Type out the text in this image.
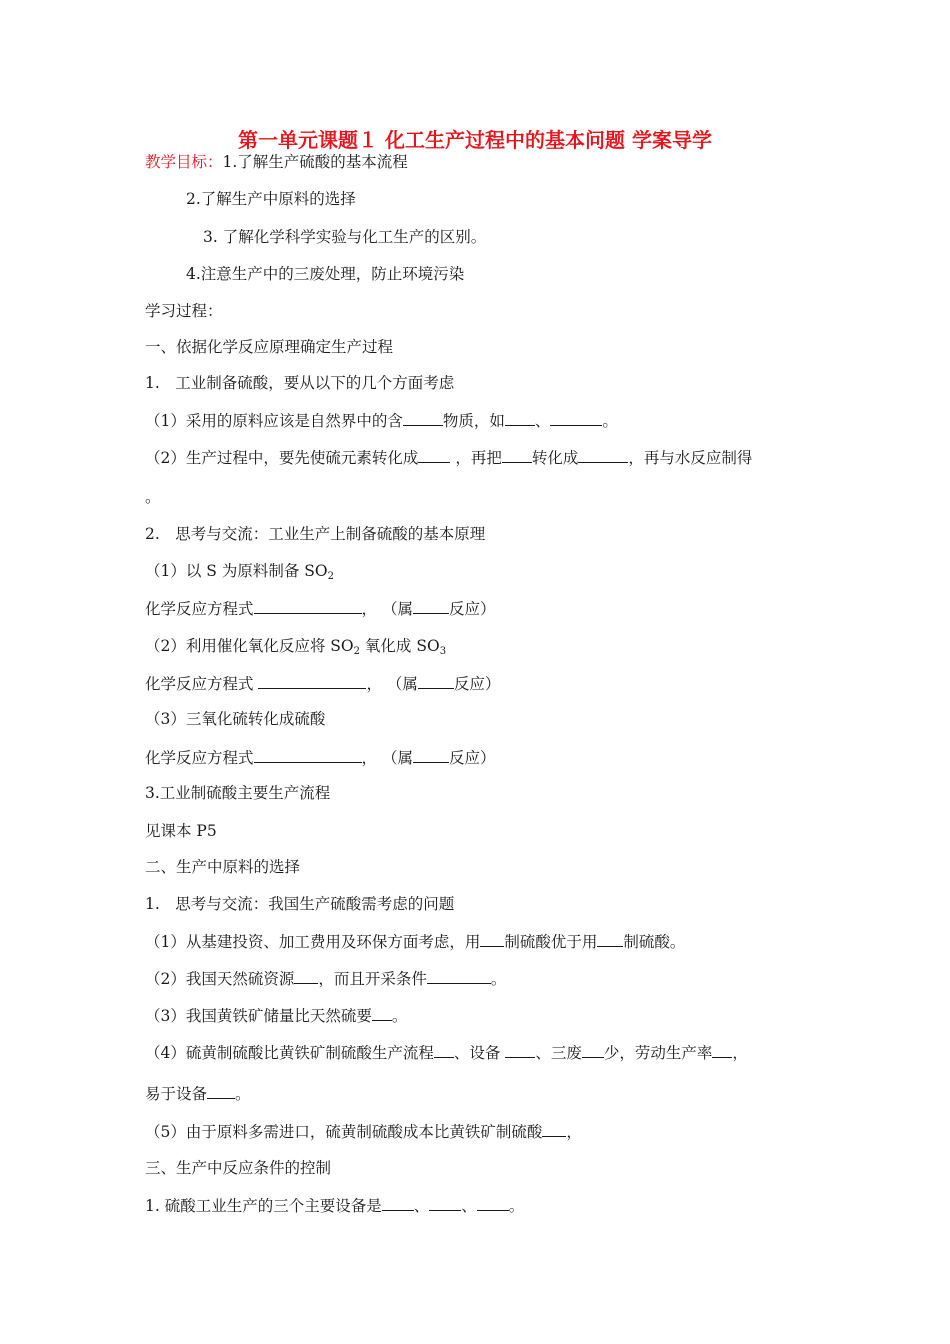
第一单元课题１ 化工生产过程中的基本问题 学案导学
教学目标：1.了解生产硫酸的基本流程
2.了解生产中原料的选择
3. 了解化学科学实验与化工生产的区别。
4.注意生产中的三废处理，防止环境污染
学习过程：
一、依据化学反应原理确定生产过程
1.　工业制备硫酸，要从以下的几个方面考虑
（1）采用的原料应该是自然界中的含	物质，如 、	。
（2）生产过程中，要先使硫元素转化成 ，再把 转化成	，再与水反应制得
。
2.　思考与交流：工业生产上制备硫酸的基本原理
（1）以 S 为原料制备 $SO_2$
化学反应方程式	， （属 反应）
（2）利用催化氧化反应将 $SO_2$ 氧化成 $SO_3$
化学反应方程式	， （属 反应）
（3）三氧化硫转化成硫酸
化学反应方程式	， （属 反应）
3.工业制硫酸主要生产流程
见课本 P5
二、生产中原料的选择
1.　思考与交流：我国生产硫酸需考虑的问题
（1）从基建投资、加工费用及环保方面考虑，用 制硫酸优于用 制硫酸。
（2）我国天然硫资源 ，而且开采条件	。
（3）我国黄铁矿储量比天然硫要 。
（4）硫黄制硫酸比黄铁矿制硫酸生产流程 、设备 、三废 少，劳动生产率 ，
易于设备 。
（5）由于原料多需进口，硫黄制硫酸成本比黄铁矿制硫酸 ，
三、生产中反应条件的控制
1. 硫酸工业生产的三个主要设备是 、 、 。
